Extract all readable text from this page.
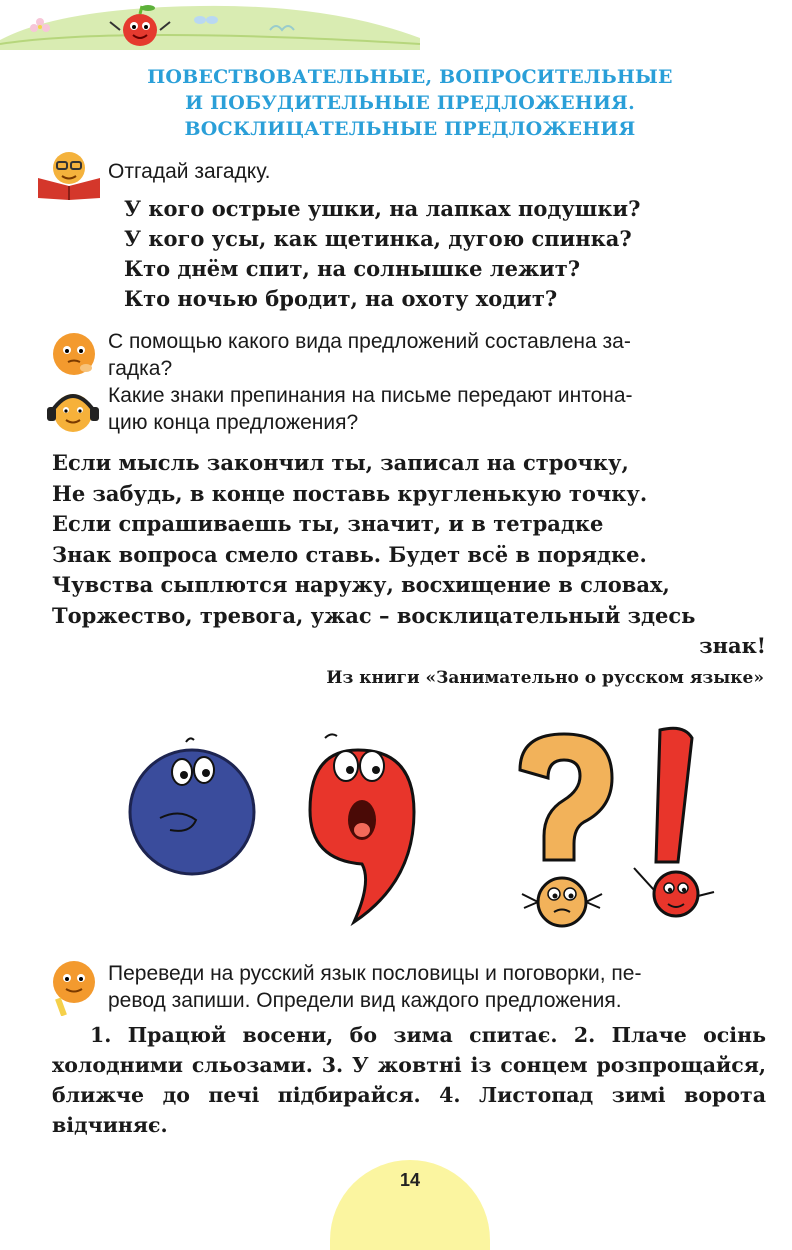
ПОВЕСТВОВАТЕЛЬНЫЕ, ВОПРОСИТЕЛЬНЫЕ
И ПОБУДИТЕЛЬНЫЕ ПРЕДЛОЖЕНИЯ.
ВОСКЛИЦАТЕЛЬНЫЕ ПРЕДЛОЖЕНИЯ
Отгадай загадку.
У кого острые ушки, на лапках подушки?
У кого усы, как щетинка, дугою спинка?
Кто днём спит, на солнышке лежит?
Кто ночью бродит, на охоту ходит?
С помощью какого вида предложений составлена за-
гадка?
Какие знаки препинания на письме передают интона-
цию конца предложения?
Если мысль закончил ты, записал на строчку,
Не забудь, в конце поставь кругленькую точку.
Если спрашиваешь ты, значит, и в тетрадке
Знак вопроса смело ставь. Будет всё в порядке.
Чувства сыплются наружу, восхищение в словах,
Торжество, тревога, ужас – восклицательный здесь
знак!
Из книги «Занимательно о русском языке»
Переведи на русский язык пословицы и поговорки, пе-
ревод запиши. Определи вид каждого предложения.
1. Працюй восени, бо зима спитає. 2. Плаче осінь холодними сльозами. 3. У жовтні із сонцем розпрощайся, ближче до печі підбирайся. 4. Листопад зимі ворота відчиняє.
14
